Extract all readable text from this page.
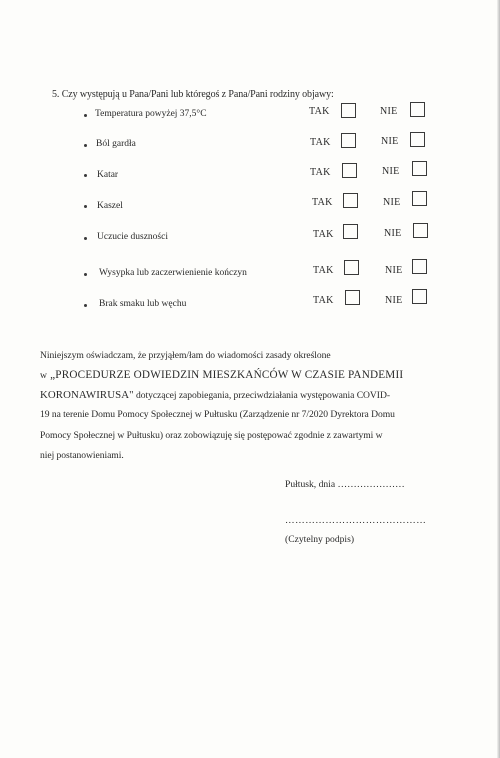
5. Czy występują u Pana/Pani lub któregoś z Pana/Pani rodziny objawy:
Temperatura powyżej 37,5°C	TAK	NIE
Ból gardła	TAK	NIE
Katar	TAK	NIE
Kaszel	TAK	NIE
Uczucie duszności	TAK	NIE
Wysypka lub zaczerwienienie kończyn	TAK	NIE
Brak smaku lub węchu	TAK	NIE
Niniejszym oświadczam, że przyjąłem/łam do wiadomości zasady określone
w „PROCEDURZE ODWIEDZIN MIESZKAŃCÓW W CZASIE PANDEMII
KORONAWIRUSA" dotyczącej zapobiegania, przeciwdziałania występowania COVID-
19 na terenie Domu Pomocy Społecznej w Pułtusku (Zarządzenie nr 7/2020 Dyrektora Domu
Pomocy Społecznej w Pułtusku) oraz zobowiązuję się postępować zgodnie z zawartymi w
niej postanowieniami.
Pułtusk, dnia …………………
……………………………………
(Czytelny podpis)
